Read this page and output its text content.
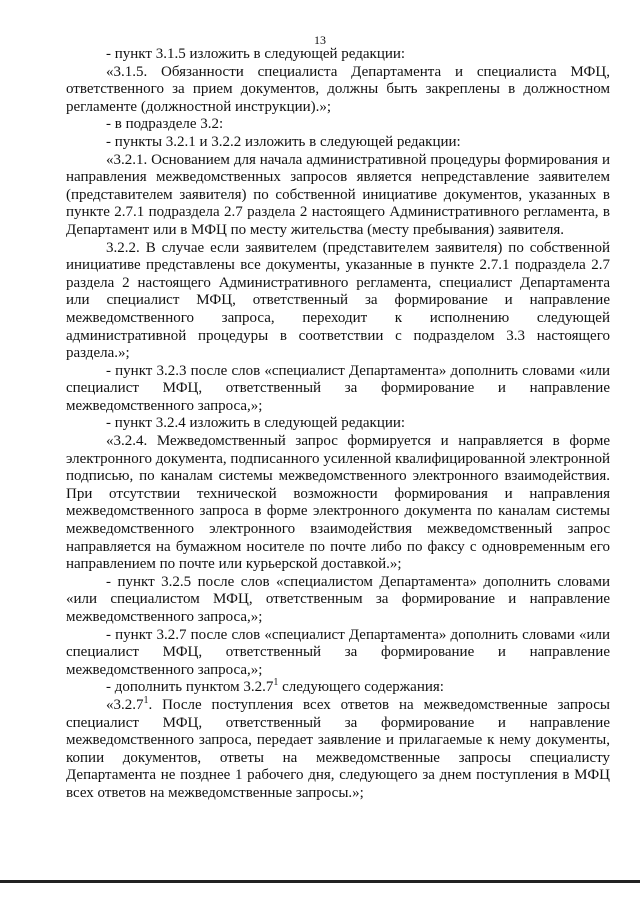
13

- пункт 3.1.5 изложить в следующей редакции:

«3.1.5. Обязанности специалиста Департамента и специалиста МФЦ, ответственного за прием документов, должны быть закреплены в должностном регламенте (должностной инструкции).»;

- в подразделе 3.2:

- пункты 3.2.1 и 3.2.2 изложить в следующей редакции:

«3.2.1. Основанием для начала административной процедуры формирования и направления межведомственных запросов является непредставление заявителем (представителем заявителя) по собственной инициативе документов, указанных в пункте 2.7.1 подраздела 2.7 раздела 2 настоящего Административного регламента, в Департамент или в МФЦ по месту жительства (месту пребывания) заявителя.

3.2.2. В случае если заявителем (представителем заявителя) по собственной инициативе представлены все документы, указанные в пункте 2.7.1 подраздела 2.7 раздела 2 настоящего Административного регламента, специалист Департамента или специалист МФЦ, ответственный за формирование и направление межведомственного запроса, переходит к исполнению следующей административной процедуры в соответствии с подразделом 3.3 настоящего раздела.»;

- пункт 3.2.3 после слов «специалист Департамента» дополнить словами «или специалист МФЦ, ответственный за формирование и направление межведомственного запроса,»;

- пункт 3.2.4 изложить в следующей редакции:

«3.2.4. Межведомственный запрос формируется и направляется в форме электронного документа, подписанного усиленной квалифицированной электронной подписью, по каналам системы межведомственного электронного взаимодействия. При отсутствии технической возможности формирования и направления межведомственного запроса в форме электронного документа по каналам системы межведомственного электронного взаимодействия межведомственный запрос направляется на бумажном носителе по почте либо по факсу с одновременным его направлением по почте или курьерской доставкой.»;

- пункт 3.2.5 после слов «специалистом Департамента» дополнить словами «или специалистом МФЦ, ответственным за формирование и направление межведомственного запроса,»;

- пункт 3.2.7 после слов «специалист Департамента» дополнить словами «или специалист МФЦ, ответственный за формирование и направление межведомственного запроса,»;

- дополнить пунктом 3.2.7$^1$ следующего содержания:

«3.2.7$^1$. После поступления всех ответов на межведомственные запросы специалист МФЦ, ответственный за формирование и направление межведомственного запроса, передает заявление и прилагаемые к нему документы, копии документов, ответы на межведомственные запросы специалисту Департамента не позднее 1 рабочего дня, следующего за днем поступления в МФЦ всех ответов на межведомственные запросы.»;
